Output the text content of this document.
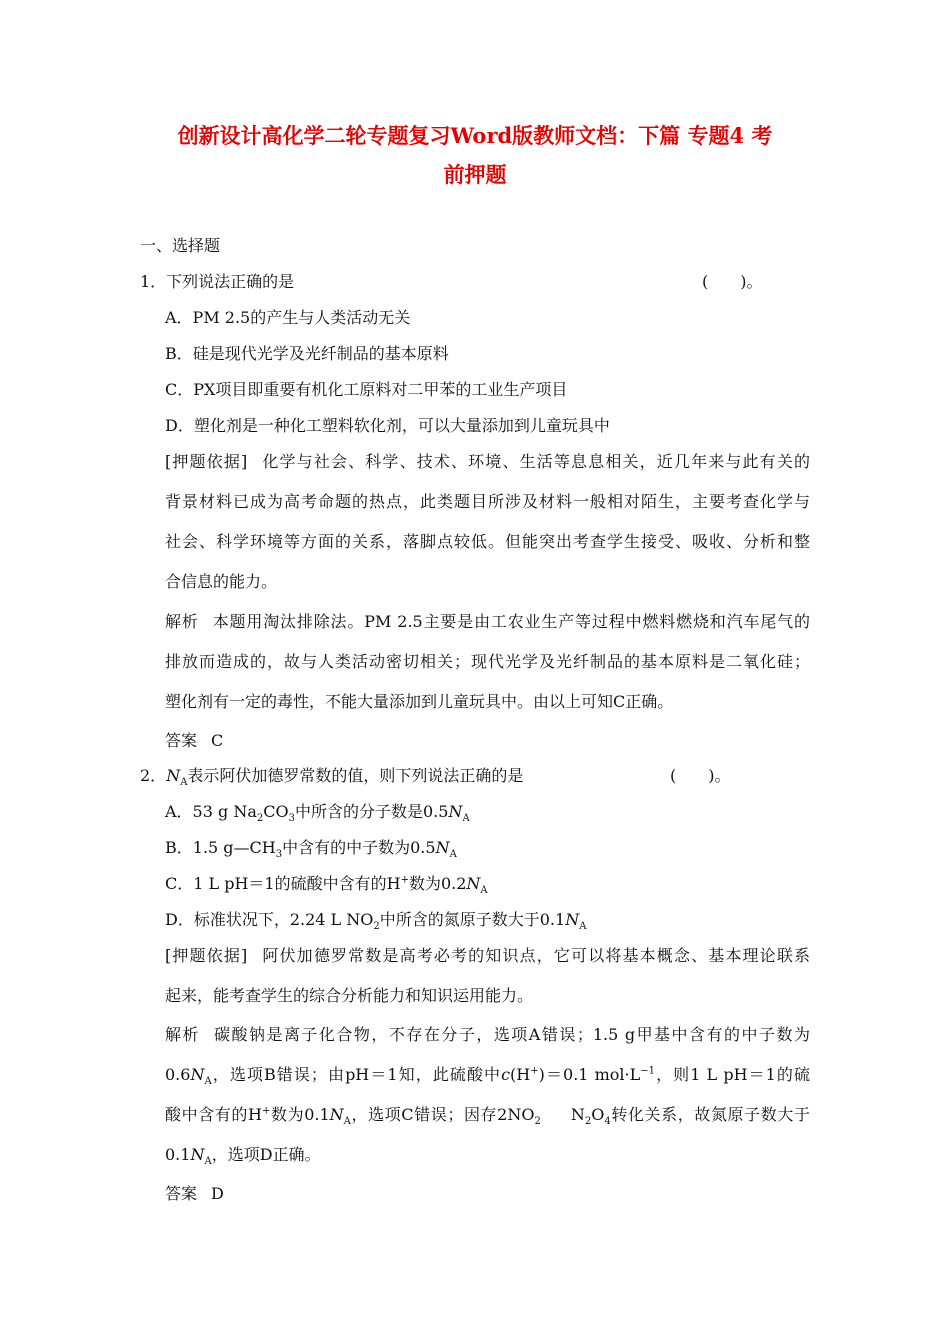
创新设计高化学二轮专题复习Word版教师文档：下篇 专题4 考
前押题
一、选择题
1．下列说法正确的是	(　　)。
A．PM 2.5的产生与人类活动无关
B．硅是现代光学及光纤制品的基本原料
C．PX项目即重要有机化工原料对二甲苯的工业生产项目
D．塑化剂是一种化工塑料软化剂，可以大量添加到儿童玩具中
[押题依据] 化学与社会、科学、技术、环境、生活等息息相关，近几年来与此有关的
背景材料已成为高考命题的热点，此类题目所涉及材料一般相对陌生，主要考查化学与
社会、科学环境等方面的关系，落脚点较低。但能突出考查学生接受、吸收、分析和整
合信息的能力。
解析 本题用淘汰排除法。PM 2.5主要是由工农业生产等过程中燃料燃烧和汽车尾气的
排放而造成的，故与人类活动密切相关；现代光学及光纤制品的基本原料是二氧化硅；
塑化剂有一定的毒性，不能大量添加到儿童玩具中。由以上可知C正确。
答案 C
2．$N_A$表示阿伏加德罗常数的值，则下列说法正确的是	(　　)。
A．53 g $Na_2CO_3$中所含的分子数是$0.5N_A$
B．1.5 $g—CH_3$中含有的中子数为$0.5N_A$
C．1 L pH＝1的硫酸中含有的H+数为$0.2N_A$
D．标准状况下，2.24 L $NO_2$中所含的氮原子数大于$0.1N_A$
[押题依据] 阿伏加德罗常数是高考必考的知识点，它可以将基本概念、基本理论联系
起来，能考查学生的综合分析能力和知识运用能力。
解析 碳酸钠是离子化合物，不存在分子，选项A错误；1.5 g甲基中含有的中子数为
$0.6N_A$，选项B错误；由pH＝1知，此硫酸中c(H+)＝0.1 $mol\cdot L^{-1}$，则1 L pH＝1的硫
酸中含有的H+数为$0.1N_A$，选项C错误；因存$2NO_2$ $N_2O_4$转化关系，故氮原子数大于
$0.1N_A$，选项D正确。
答案 D
